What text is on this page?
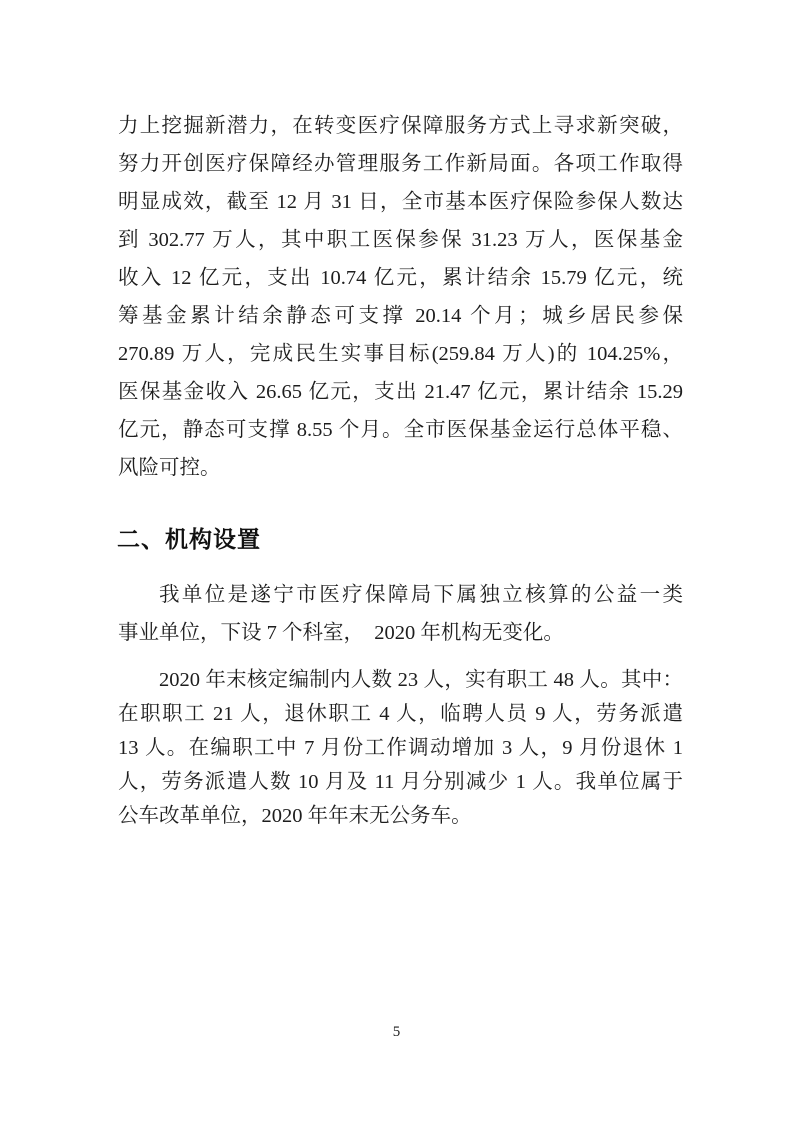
力上挖掘新潜力，在转变医疗保障服务方式上寻求新突破，
努力开创医疗保障经办管理服务工作新局面。各项工作取得
明显成效，截至 12 月 31 日，全市基本医疗保险参保人数达
到 302.77 万人，其中职工医保参保 31.23 万人，医保基金
收入 12 亿元，支出 10.74 亿元，累计结余 15.79 亿元，统
筹基金累计结余静态可支撑 20.14 个月；城乡居民参保
270.89 万人，完成民生实事目标(259.84 万人)的 104.25%，
医保基金收入 26.65 亿元，支出 21.47 亿元，累计结余 15.29
亿元，静态可支撑 8.55 个月。全市医保基金运行总体平稳、
风险可控。
二、机构设置
我单位是遂宁市医疗保障局下属独立核算的公益一类
事业单位，下设 7 个科室，　2020 年机构无变化。
2020 年末核定编制内人数 23 人，实有职工 48 人。其中：
在职职工 21 人，退休职工 4 人，临聘人员 9 人，劳务派遣
13 人。在编职工中 7 月份工作调动增加 3 人，9 月份退休 1
人，劳务派遣人数 10 月及 11 月分别减少 1 人。我单位属于
公车改革单位，2020 年年末无公务车。
5
